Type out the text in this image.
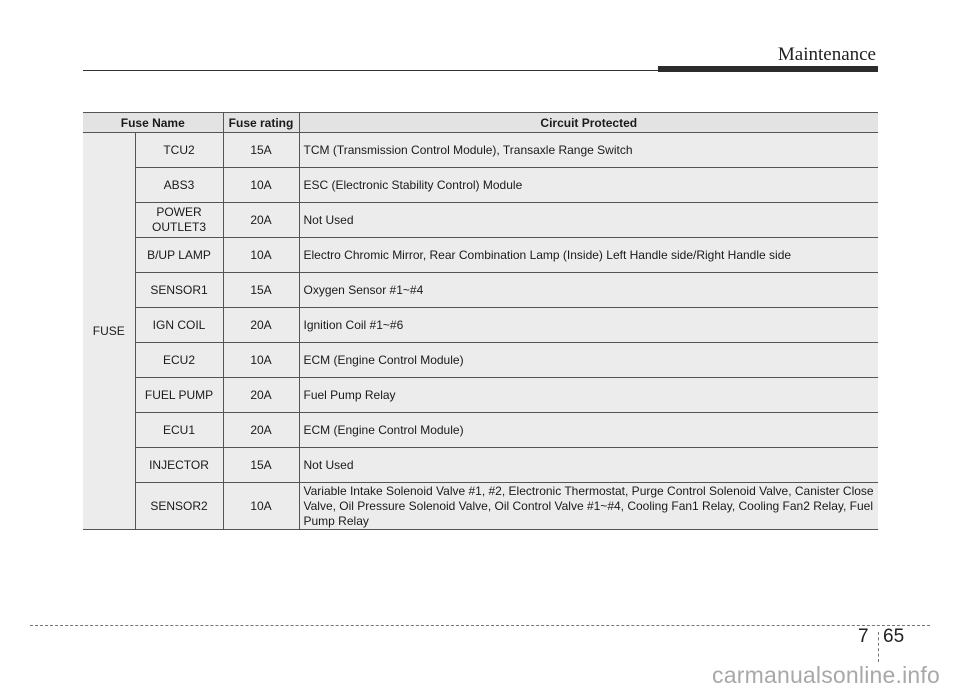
Maintenance
Fuse Name		Fuse rating	Circuit Protected
FUSE	TCU2	15A	TCM (Transmission Control Module), Transaxle Range Switch
	ABS3	10A	ESC (Electronic Stability Control) Module
	POWER
OUTLET3	20A	Not Used
	B/UP LAMP	10A	Electro Chromic Mirror, Rear Combination Lamp (Inside) Left Handle side/Right Handle side
	SENSOR1	15A	Oxygen Sensor #1~#4
	IGN COIL	20A	Ignition Coil #1~#6
	ECU2	10A	ECM (Engine Control Module)
	FUEL PUMP	20A	Fuel Pump Relay
	ECU1	20A	ECM (Engine Control Module)
	INJECTOR	15A	Not Used
	SENSOR2	10A	Variable Intake Solenoid Valve #1, #2, Electronic Thermostat, Purge Control Solenoid Valve, Canister Close Valve, Oil Pressure Solenoid Valve, Oil Control Valve #1~#4, Cooling Fan1 Relay, Cooling Fan2 Relay, Fuel Pump Relay
7 65
carmanualsonline.info
